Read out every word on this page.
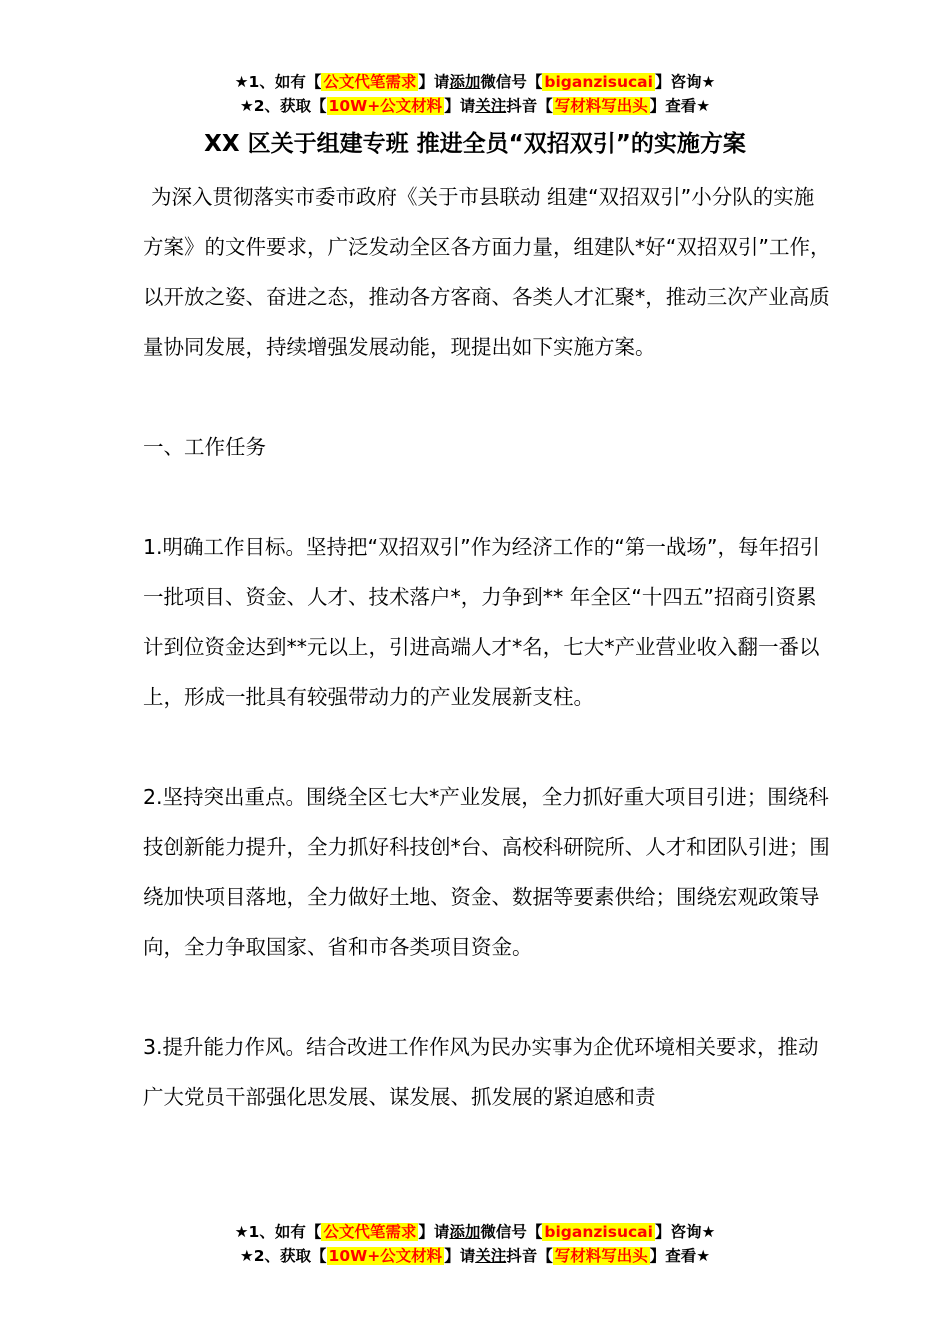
★1、如有【 公文代笔需求 】请添加微信号【 biganzisucai 】咨询★
★2、获取【 10W+公文材料 】请关注抖音【 写材料写出头 】查看★
XX 区关于组建专班 推进全员“双招双引”的实施方案

为深入贯彻落实市委市政府《关于市县联动 组建“双招双引”小分队的实施方案》的文件要求，广泛发动全区各方面力量，组建队*好“双招双引”工作，以开放之姿、奋进之态，推动各方客商、各类人才汇聚*，推动三次产业高质量协同发展，持续增强发展动能，现提出如下实施方案。

一、工作任务

1.明确工作目标。坚持把“双招双引”作为经济工作的“第一战场”，每年招引一批项目、资金、人才、技术落户*，力争到** 年全区“十四五”招商引资累计到位资金达到**元以上，引进高端人才*名，七大*产业营业收入翻一番以上，形成一批具有较强带动力的产业发展新支柱。

2.坚持突出重点。围绕全区七大*产业发展，全力抓好重大项目引进；围绕科技创新能力提升，全力抓好科技创*台、高校科研院所、人才和团队引进；围绕加快项目落地，全力做好土地、资金、数据等要素供给；围绕宏观政策导向，全力争取国家、省和市各类项目资金。

3.提升能力作风。结合改进工作作风为民办实事为企优环境相关要求，推动广大党员干部强化思发展、谋发展、抓发展的紧迫感和责

★1、如有【 公文代笔需求 】请添加微信号【 biganzisucai 】咨询★
★2、获取【 10W+公文材料 】请关注抖音【 写材料写出头 】查看★
